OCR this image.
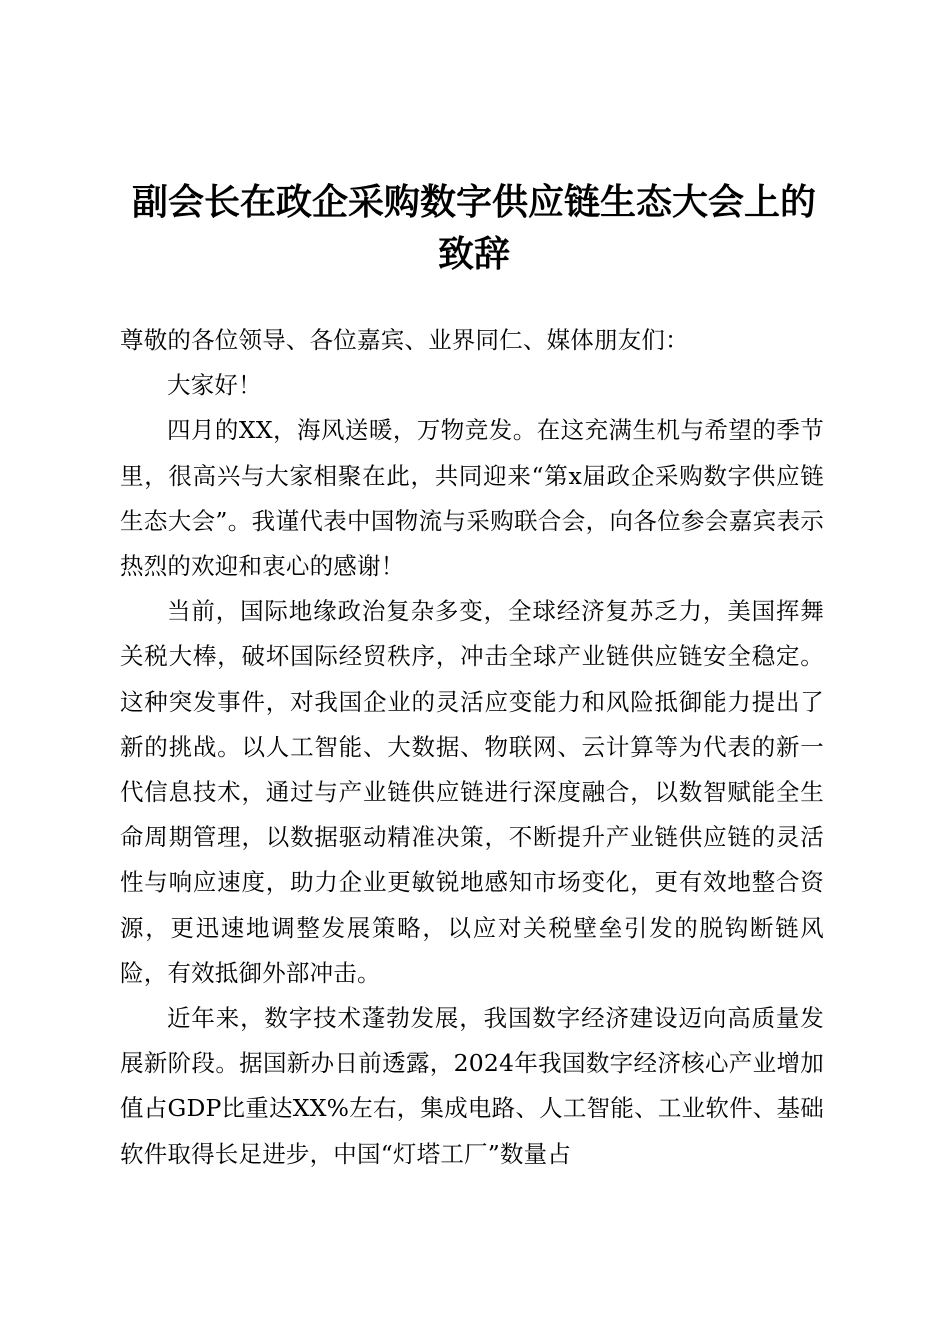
副会长在政企采购数字供应链生态大会上的致辞

尊敬的各位领导、各位嘉宾、业界同仁、媒体朋友们：

大家好！

四月的XX，海风送暖，万物竞发。在这充满生机与希望的季节里，很高兴与大家相聚在此，共同迎来“第x届政企采购数字供应链生态大会”。我谨代表中国物流与采购联合会，向各位参会嘉宾表示热烈的欢迎和衷心的感谢！

当前，国际地缘政治复杂多变，全球经济复苏乏力，美国挥舞关税大棒，破坏国际经贸秩序，冲击全球产业链供应链安全稳定。这种突发事件，对我国企业的灵活应变能力和风险抵御能力提出了新的挑战。以人工智能、大数据、物联网、云计算等为代表的新一代信息技术，通过与产业链供应链进行深度融合，以数智赋能全生命周期管理，以数据驱动精准决策，不断提升产业链供应链的灵活性与响应速度，助力企业更敏锐地感知市场变化，更有效地整合资源，更迅速地调整发展策略，以应对关税壁垒引发的脱钩断链风险，有效抵御外部冲击。

近年来，数字技术蓬勃发展，我国数字经济建设迈向高质量发展新阶段。据国新办日前透露，2024年我国数字经济核心产业增加值占GDP比重达XX%左右，集成电路、人工智能、工业软件、基础软件取得长足进步，中国“灯塔工厂”数量占
